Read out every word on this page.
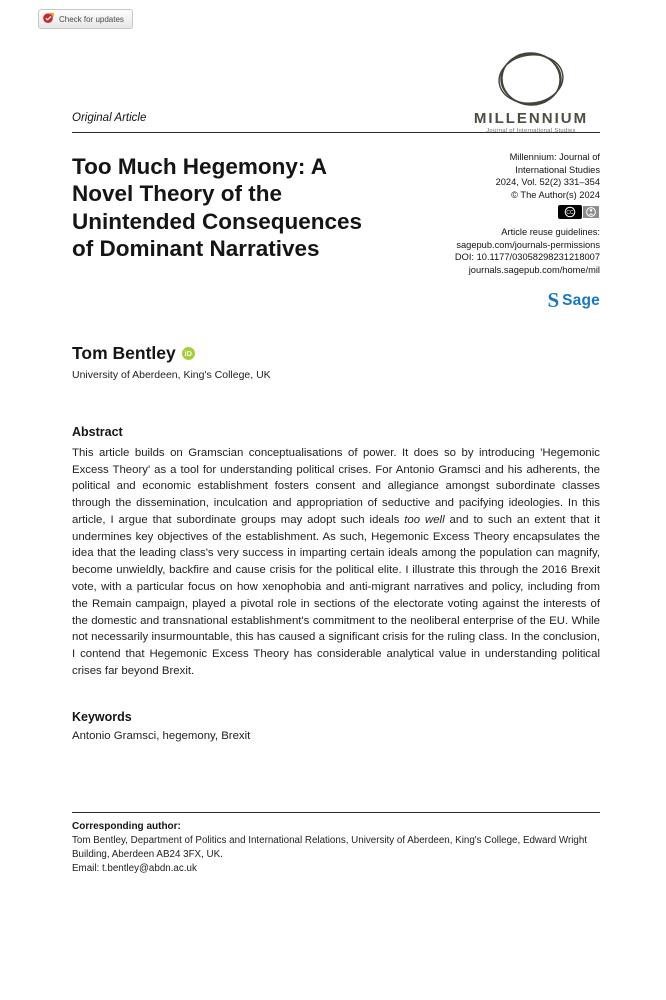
Check for updates
MILLENNIUM
Journal of International Studies
Original Article
Too Much Hegemony: A Novel Theory of the Unintended Consequences of Dominant Narratives
Millennium: Journal of
International Studies
2024, Vol. 52(2) 331–354
© The Author(s) 2024
CC
Article reuse guidelines:
sagepub.com/journals-permissions
DOI: 10.1177/03058298231218007
journals.sagepub.com/home/mil
S Sage
Tom Bentley	iD
University of Aberdeen, King's College, UK
Abstract

This article builds on Gramscian conceptualisations of power. It does so by introducing 'Hegemonic Excess Theory' as a tool for understanding political crises. For Antonio Gramsci and his adherents, the political and economic establishment fosters consent and allegiance amongst subordinate classes through the dissemination, inculcation and appropriation of seductive and pacifying ideologies. In this article, I argue that subordinate groups may adopt such ideals too well and to such an extent that it undermines key objectives of the establishment. As such, Hegemonic Excess Theory encapsulates the idea that the leading class's very success in imparting certain ideals among the population can magnify, become unwieldly, backfire and cause crisis for the political elite. I illustrate this through the 2016 Brexit vote, with a particular focus on how xenophobia and anti-migrant narratives and policy, including from the Remain campaign, played a pivotal role in sections of the electorate voting against the interests of the domestic and transnational establishment's commitment to the neoliberal enterprise of the EU. While not necessarily insurmountable, this has caused a significant crisis for the ruling class. In the conclusion, I contend that Hegemonic Excess Theory has considerable analytical value in understanding political crises far beyond Brexit.

Keywords
Antonio Gramsci, hegemony, Brexit
Corresponding author:
Tom Bentley, Department of Politics and International Relations, University of Aberdeen, King's College, Edward Wright Building, Aberdeen AB24 3FX, UK.
Email: t.bentley@abdn.ac.uk
